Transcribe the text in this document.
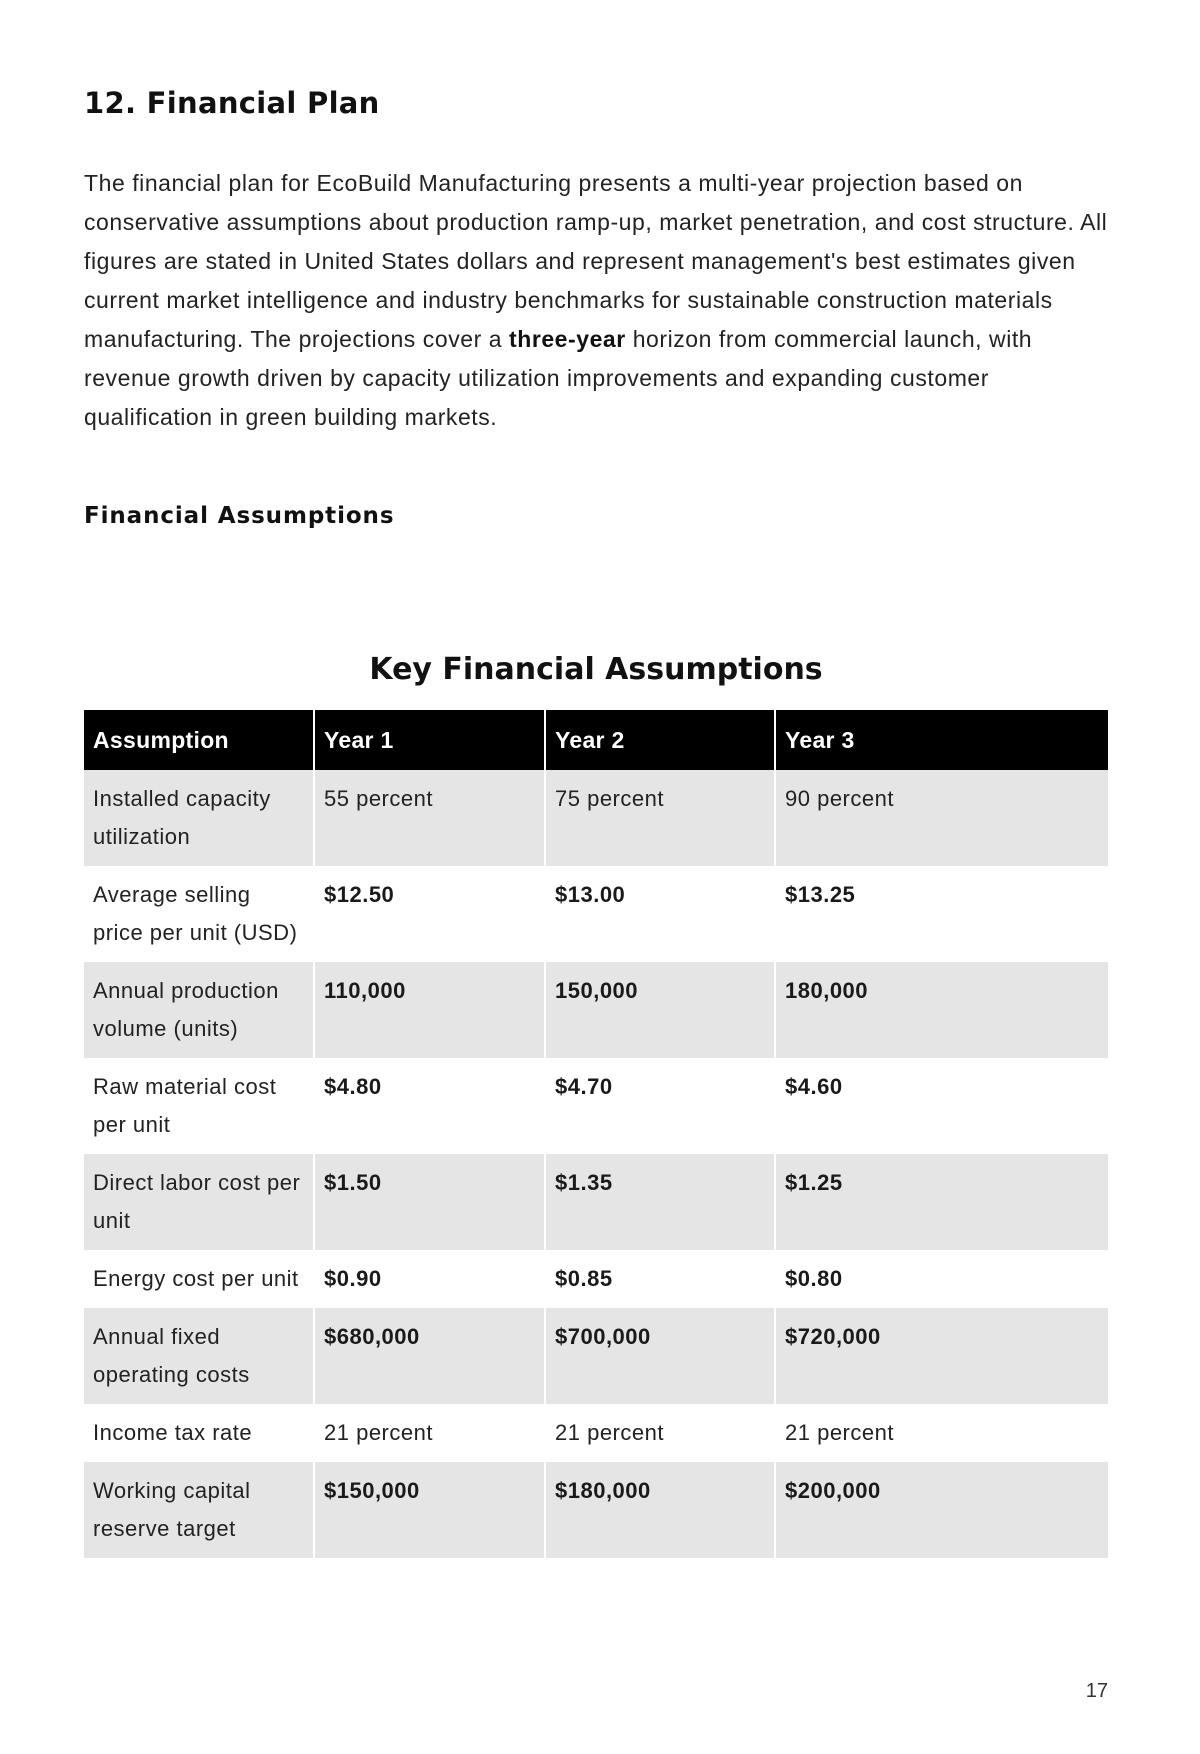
12. Financial Plan

The financial plan for EcoBuild Manufacturing presents a multi-year projection based on conservative assumptions about production ramp-up, market penetration, and cost structure. All figures are stated in United States dollars and represent management's best estimates given current market intelligence and industry benchmarks for sustainable construction materials manufacturing. The projections cover a three-year horizon from commercial launch, with revenue growth driven by capacity utilization improvements and expanding customer qualification in green building markets.

Financial Assumptions
Key Financial Assumptions
Assumption	Year 1	Year 2	Year 3
Installed capacity utilization	55 percent	75 percent	90 percent
Average selling price per unit (USD)	$12.50	$13.00	$13.25
Annual production volume (units)	110,000	150,000	180,000
Raw material cost per unit	$4.80	$4.70	$4.60
Direct labor cost per unit	$1.50	$1.35	$1.25
Energy cost per unit	$0.90	$0.85	$0.80
Annual fixed operating costs	$680,000	$700,000	$720,000
Income tax rate	21 percent	21 percent	21 percent
Working capital reserve target	$150,000	$180,000	$200,000

17
